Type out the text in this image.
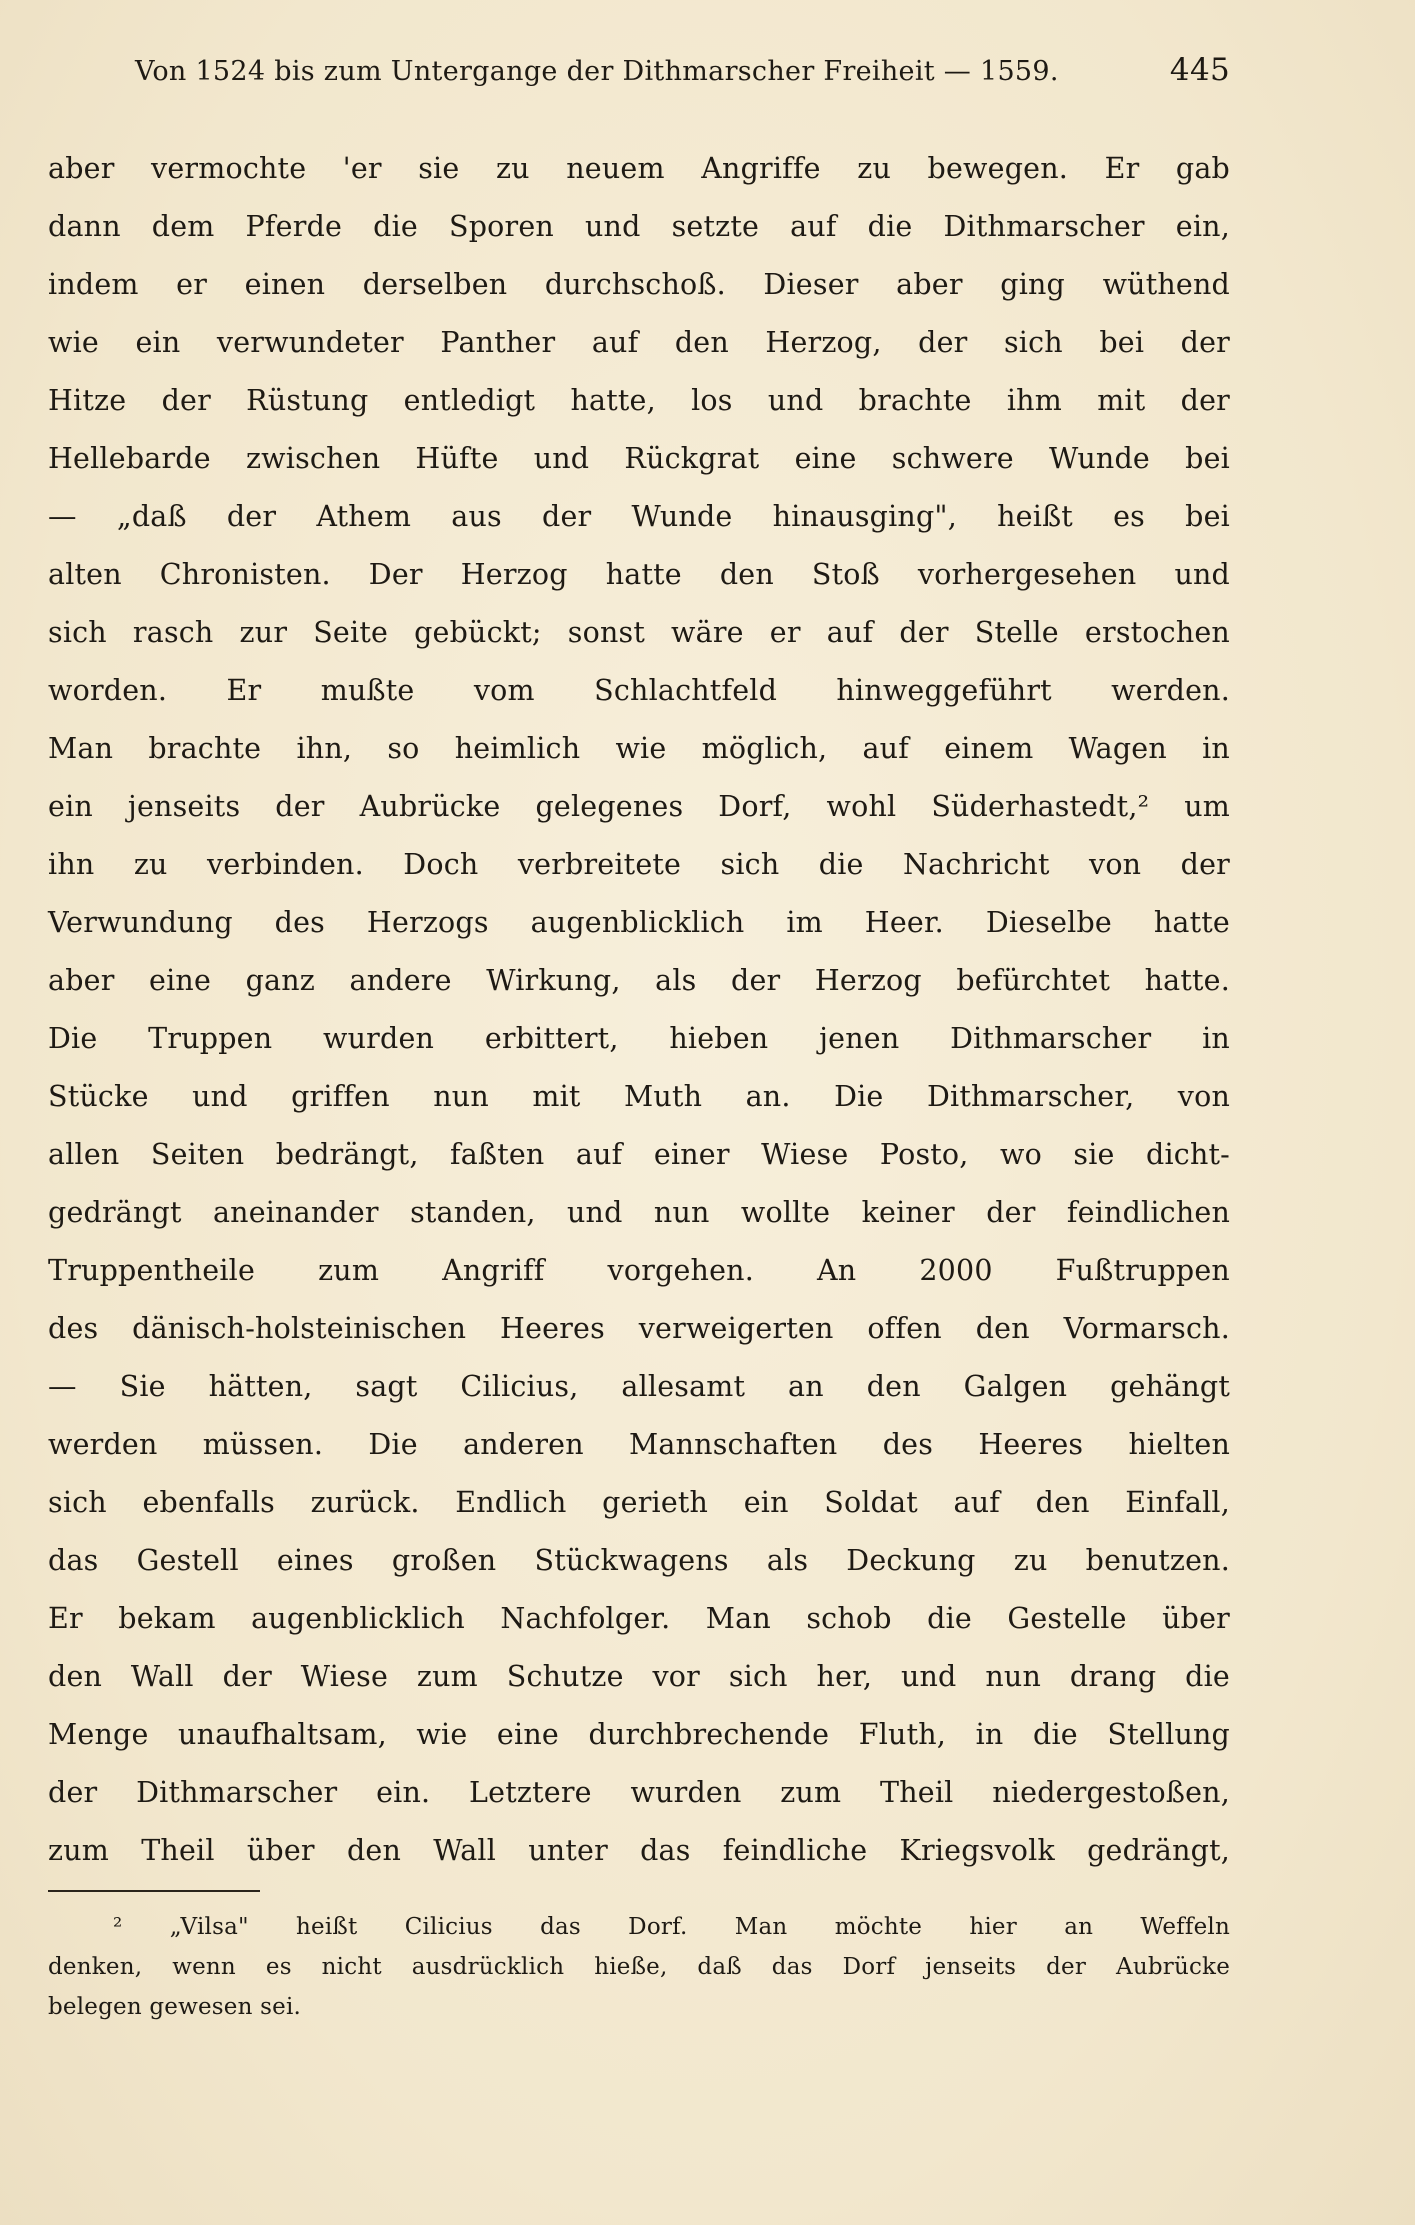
Von 1524 bis zum Untergange der Dithmarscher Freiheit — 1559.	445
aber vermochte 'er sie zu neuem Angriffe zu bewegen. Er gab
dann dem Pferde die Sporen und setzte auf die Dithmarscher ein,
indem er einen derselben durchschoß. Dieser aber ging wüthend
wie ein verwundeter Panther auf den Herzog, der sich bei der
Hitze der Rüstung entledigt hatte, los und brachte ihm mit der
Hellebarde zwischen Hüfte und Rückgrat eine schwere Wunde bei
— „daß der Athem aus der Wunde hinausging", heißt es bei
alten Chronisten. Der Herzog hatte den Stoß vorhergesehen und
sich rasch zur Seite gebückt; sonst wäre er auf der Stelle erstochen
worden. Er mußte vom Schlachtfeld hinweggeführt werden.
Man brachte ihn, so heimlich wie möglich, auf einem Wagen in
ein jenseits der Aubrücke gelegenes Dorf, wohl Süderhastedt,² um
ihn zu verbinden. Doch verbreitete sich die Nachricht von der
Verwundung des Herzogs augenblicklich im Heer. Dieselbe hatte
aber eine ganz andere Wirkung, als der Herzog befürchtet hatte.
Die Truppen wurden erbittert, hieben jenen Dithmarscher in
Stücke und griffen nun mit Muth an. Die Dithmarscher, von
allen Seiten bedrängt, faßten auf einer Wiese Posto, wo sie dicht-
gedrängt aneinander standen, und nun wollte keiner der feindlichen
Truppentheile zum Angriff vorgehen. An 2000 Fußtruppen
des dänisch-holsteinischen Heeres verweigerten offen den Vormarsch.
— Sie hätten, sagt Cilicius, allesamt an den Galgen gehängt
werden müssen. Die anderen Mannschaften des Heeres hielten
sich ebenfalls zurück. Endlich gerieth ein Soldat auf den Einfall,
das Gestell eines großen Stückwagens als Deckung zu benutzen.
Er bekam augenblicklich Nachfolger. Man schob die Gestelle über
den Wall der Wiese zum Schutze vor sich her, und nun drang die
Menge unaufhaltsam, wie eine durchbrechende Fluth, in die Stellung
der Dithmarscher ein. Letztere wurden zum Theil niedergestoßen,
zum Theil über den Wall unter das feindliche Kriegsvolk gedrängt,
² „Vilsa" heißt Cilicius das Dorf. Man möchte hier an Weffeln
denken, wenn es nicht ausdrücklich hieße, daß das Dorf jenseits der Aubrücke
belegen gewesen sei.
